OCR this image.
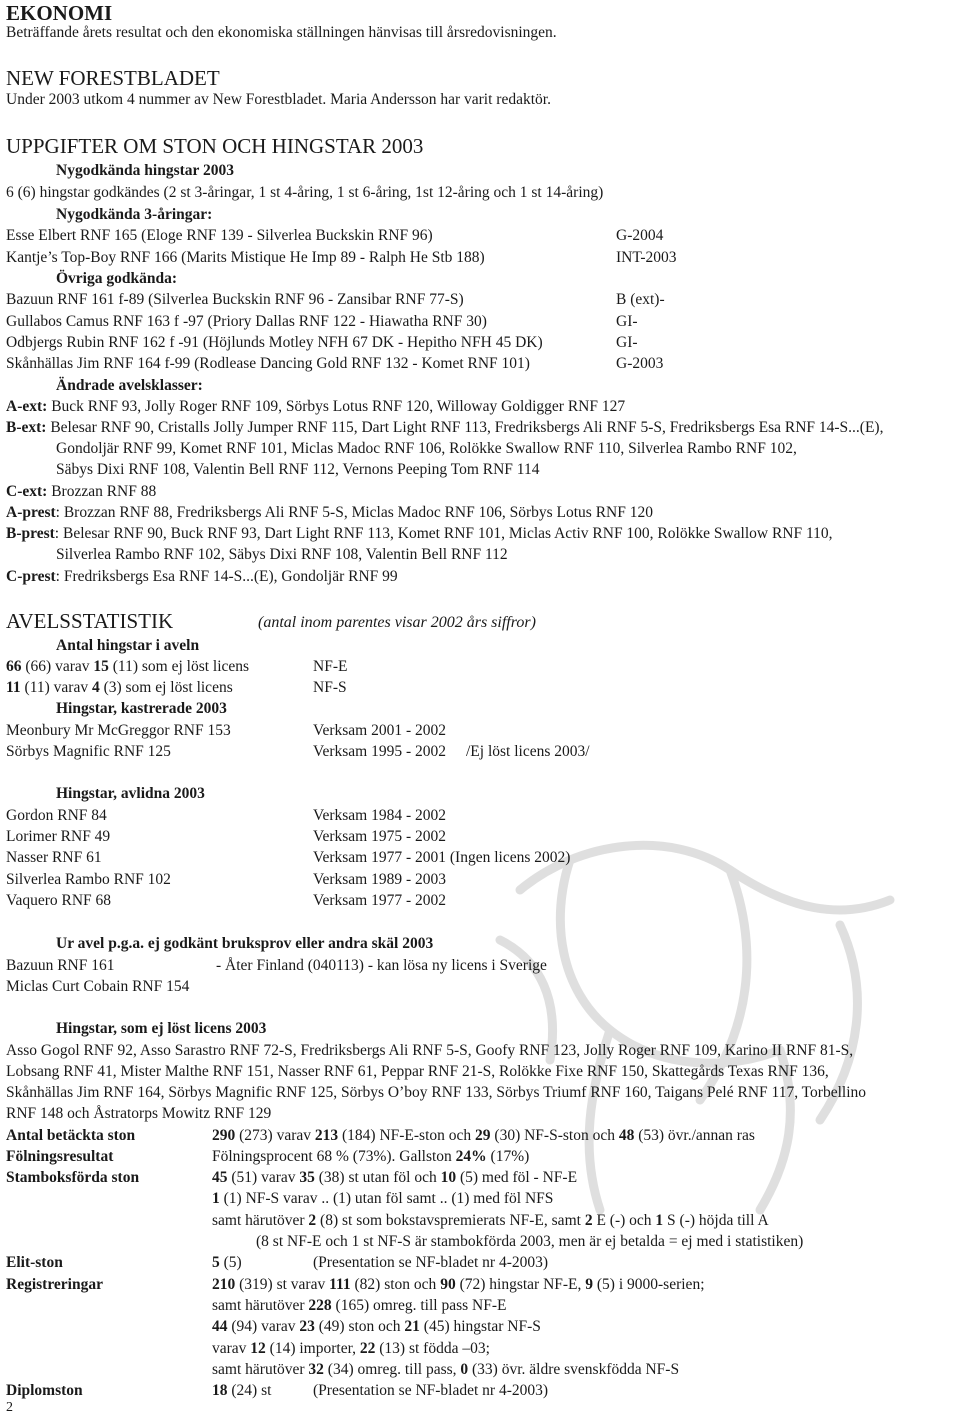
EKONOMI
Beträffande årets resultat och den ekonomiska ställningen hänvisas till årsredovisningen.
NEW FORESTBLADET
Under 2003 utkom 4 nummer av New Forestbladet. Maria Andersson har varit redaktör.
UPPGIFTER OM STON OCH HINGSTAR 2003
Nygodkända hingstar 2003
6 (6) hingstar godkändes (2 st 3-åringar, 1 st 4-åring, 1 st 6-åring, 1st 12-åring och 1 st 14-åring)
Nygodkända 3-åringar:
Esse Elbert RNF 165 (Eloge RNF 139 - Silverlea Buckskin RNF 96)	G-2004
Kantje’s Top-Boy RNF 166 (Marits Mistique He Imp 89 - Ralph He Stb 188)	INT-2003
Övriga godkända:
Bazuun RNF 161 f-89 (Silverlea Buckskin RNF 96 - Zansibar RNF 77-S)	B (ext)-
Gullabos Camus RNF 163 f -97 (Priory Dallas RNF 122 - Hiawatha RNF 30)	GI-
Odbjergs Rubin RNF 162 f -91 (Höjlunds Motley NFH 67 DK - Hepitho NFH 45 DK)	GI-
Skånhällas Jim RNF 164 f-99 (Rodlease Dancing Gold RNF 132 - Komet RNF 101)	G-2003
Ändrade avelsklasser:
A-ext: Buck RNF 93, Jolly Roger RNF 109, Sörbys Lotus RNF 120, Willoway Goldigger RNF 127
B-ext: Belesar RNF 90, Cristalls Jolly Jumper RNF 115, Dart Light RNF 113, Fredriksbergs Ali RNF 5-S, Fredriksbergs Esa RNF 14-S...(E),
Gondoljär RNF 99, Komet RNF 101, Miclas Madoc RNF 106, Rolökke Swallow RNF 110, Silverlea Rambo RNF 102,
Säbys Dixi RNF 108, Valentin Bell RNF 112, Vernons Peeping Tom RNF 114
C-ext: Brozzan RNF 88
A-prest: Brozzan RNF 88, Fredriksbergs Ali RNF 5-S, Miclas Madoc RNF 106, Sörbys Lotus RNF 120
B-prest: Belesar RNF 90, Buck RNF 93, Dart Light RNF 113, Komet RNF 101, Miclas Activ RNF 100, Rolökke Swallow RNF 110,
Silverlea Rambo RNF 102, Säbys Dixi RNF 108, Valentin Bell RNF 112
C-prest: Fredriksbergs Esa RNF 14-S...(E), Gondoljär RNF 99
AVELSSTATISTIK	(antal inom parentes visar 2002 års siffror)
Antal hingstar i aveln
66 (66) varav 15 (11) som ej löst licens	NF-E
11 (11) varav 4 (3) som ej löst licens	NF-S
Hingstar, kastrerade 2003
Meonbury Mr McGreggor RNF 153	Verksam 2001 - 2002
Sörbys Magnific RNF 125	Verksam 1995 - 2002 /Ej löst licens 2003/
Hingstar, avlidna 2003
Gordon RNF 84	Verksam 1984 - 2002
Lorimer RNF 49	Verksam 1975 - 2002
Nasser RNF 61	Verksam 1977 - 2001 (Ingen licens 2002)
Silverlea Rambo RNF 102	Verksam 1989 - 2003
Vaquero RNF 68	Verksam 1977 - 2002
Ur avel p.g.a. ej godkänt bruksprov eller andra skäl 2003
Bazuun RNF 161	- Åter Finland (040113) - kan lösa ny licens i Sverige
Miclas Curt Cobain RNF 154
Hingstar, som ej löst licens 2003
Asso Gogol RNF 92, Asso Sarastro RNF 72-S, Fredriksbergs Ali RNF 5-S, Goofy RNF 123, Jolly Roger RNF 109, Karino II RNF 81-S,
Lobsang RNF 41, Mister Malthe RNF 151, Nasser RNF 61, Peppar RNF 21-S, Rolökke Fixe RNF 150, Skattegårds Texas RNF 136,
Skånhällas Jim RNF 164, Sörbys Magnific RNF 125, Sörbys O’boy RNF 133, Sörbys Triumf RNF 160, Taigans Pelé RNF 117, Torbellino
RNF 148 och Åstratorps Mowitz RNF 129
Antal betäckta ston	290 (273) varav 213 (184) NF-E-ston och 29 (30) NF-S-ston och 48 (53) övr./annan ras
Fölningsresultat	Fölningsprocent 68 % (73%). Gallston 24% (17%)
Stamboksförda ston	45 (51) varav 35 (38) st utan föl och 10 (5) med föl - NF-E
1 (1) NF-S varav .. (1) utan föl samt .. (1) med föl NFS
samt härutöver 2 (8) st som bokstavspremierats NF-E, samt 2 E (-) och 1 S (-) höjda till A
(8 st NF-E och 1 st NF-S är stambokförda 2003, men är ej betalda = ej med i statistiken)
Elit-ston	5 (5)	(Presentation se NF-bladet nr 4-2003)
Registreringar	210 (319) st varav 111 (82) ston och 90 (72) hingstar NF-E, 9 (5) i 9000-serien;
samt härutöver 228 (165) omreg. till pass NF-E
44 (94) varav 23 (49) ston och 21 (45) hingstar NF-S
varav 12 (14) importer, 22 (13) st födda –03;
samt härutöver 32 (34) omreg. till pass, 0 (33) övr. äldre svenskfödda NF-S
Diplomston	18 (24) st	(Presentation se NF-bladet nr 4-2003)
2
